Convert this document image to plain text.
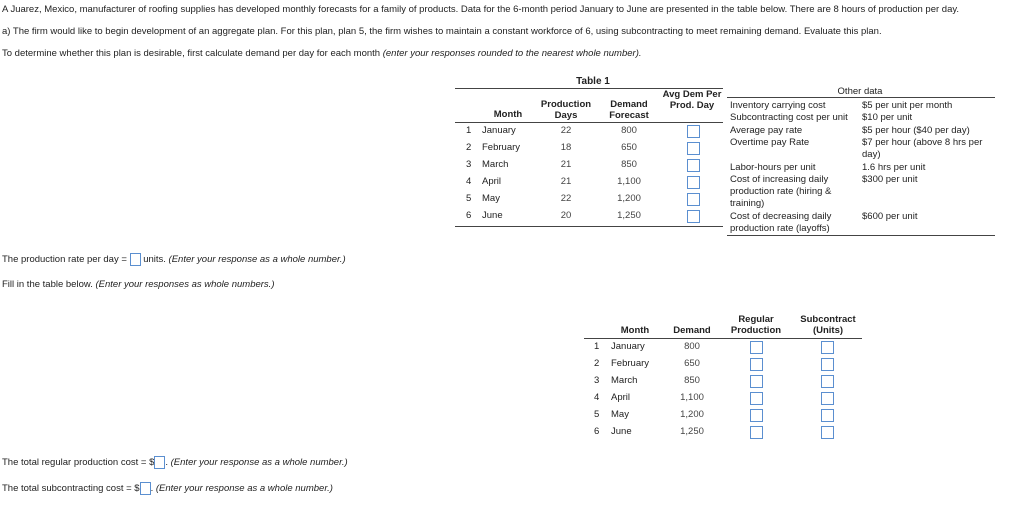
A Juarez, Mexico, manufacturer of roofing supplies has developed monthly forecasts for a family of products. Data for the 6-month period January to June are presented in the table below. There are 8 hours of production per day.
a) The firm would like to begin development of an aggregate plan. For this plan, plan 5, the firm wishes to maintain a constant workforce of 6, using subcontracting to meet remaining demand. Evaluate this plan.
To determine whether this plan is desirable, first calculate demand per day for each month (enter your responses rounded to the nearest whole number).
Table 1
Avg Dem Per
Prod. Day
Production
Days
Demand
Forecast
Month
1 January	22	800
2 February	18	650
3 March	21	850
4 April	21	1,100
5 May	22	1,200
6 June	20	1,250
Other data
Inventory carrying cost	$5 per unit per month
Subcontracting cost per unit $10 per unit
Average pay rate	$5 per hour ($40 per day)
Overtime pay Rate	$7 per hour (above 8 hrs per
day)
Labor-hours per unit	1.6 hrs per unit
Cost of increasing daily
production rate (hiring &
training)
$300 per unit
Cost of decreasing daily
production rate (layoffs)
$600 per unit
The production rate per day = units. (Enter your response as a whole number.)
Fill in the table below. (Enter your responses as whole numbers.)
Regular
Production
Subcontract
(Units)
Month	Demand
1 January	800
2 February	650
3 March	850
4 April	1,100
5 May	1,200
6 June	1,250
The total regular production cost = $ . (Enter your response as a whole number.)
The total subcontracting cost = $ . (Enter your response as a whole number.)
